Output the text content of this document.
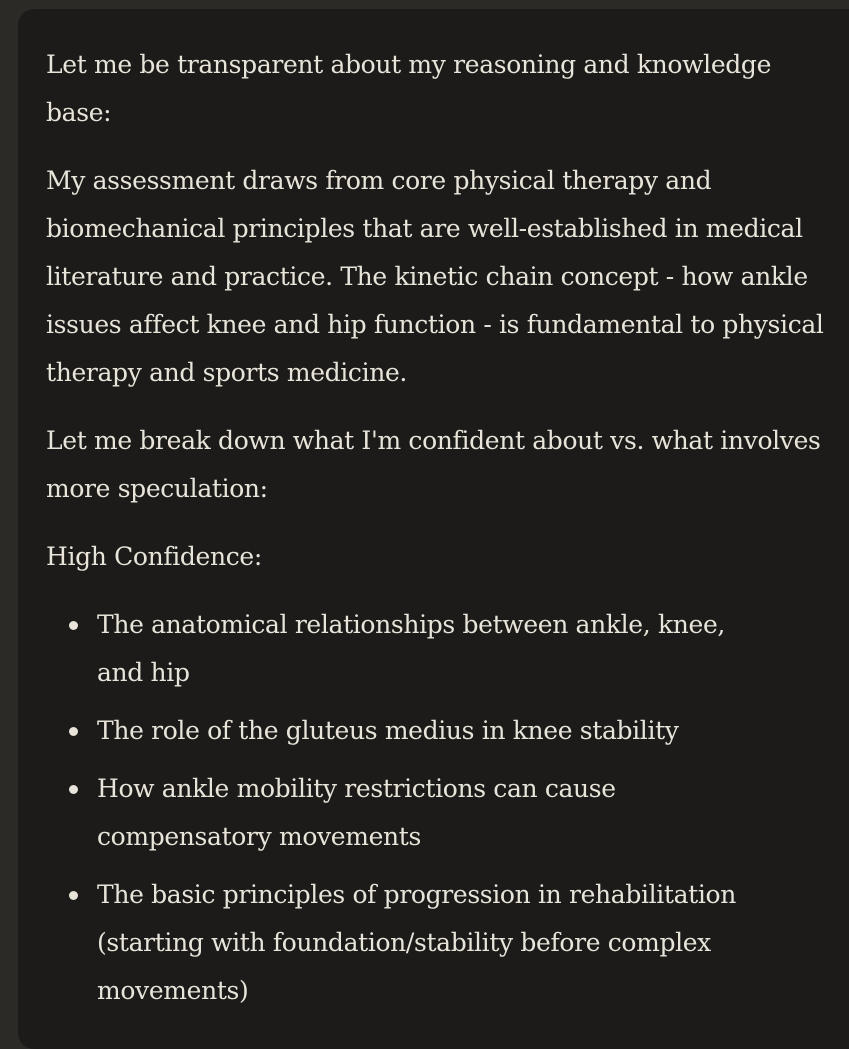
Let me be transparent about my reasoning and knowledge base:

My assessment draws from core physical therapy and biomechanical principles that are well-established in medical literature and practice. The kinetic chain concept - how ankle issues affect knee and hip function - is fundamental to physical therapy and sports medicine.

Let me break down what I'm confident about vs. what involves more speculation:

High Confidence:

The anatomical relationships between ankle, knee, and hip
The role of the gluteus medius in knee stability
How ankle mobility restrictions can cause compensatory movements
The basic principles of progression in rehabilitation (starting with foundation/stability before complex movements)
